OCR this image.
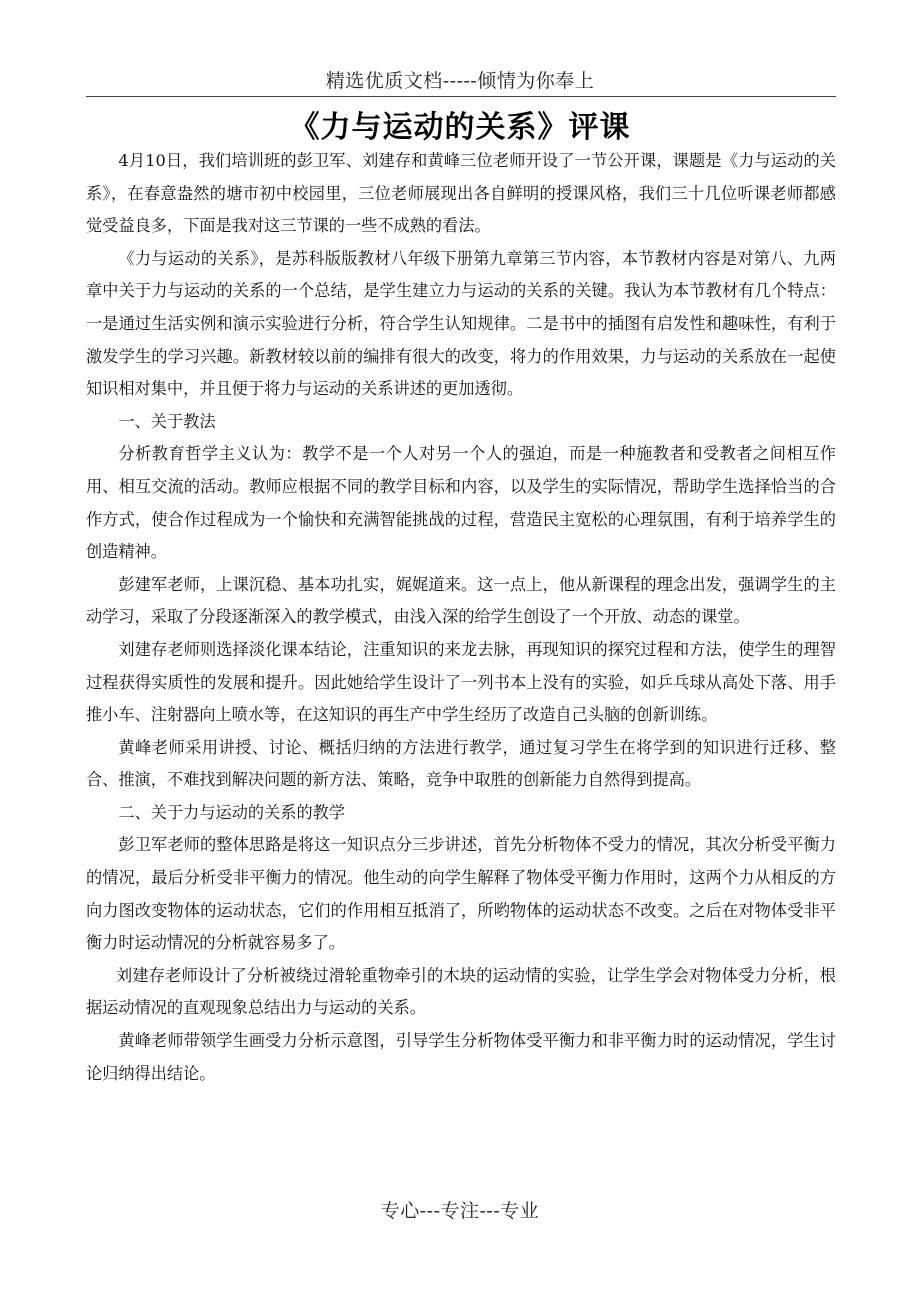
精选优质文档-----倾情为你奉上
《力与运动的关系》评课

4月10日，我们培训班的彭卫军、刘建存和黄峰三位老师开设了一节公开课，课题是《力与运动的关系》，在春意盎然的塘市初中校园里，三位老师展现出各自鲜明的授课风格，我们三十几位听课老师都感觉受益良多，下面是我对这三节课的一些不成熟的看法。

《力与运动的关系》，是苏科版版教材八年级下册第九章第三节内容，本节教材内容是对第八、九两章中关于力与运动的关系的一个总结，是学生建立力与运动的关系的关键。我认为本节教材有几个特点：一是通过生活实例和演示实验进行分析，符合学生认知规律。二是书中的插图有启发性和趣味性，有利于激发学生的学习兴趣。新教材较以前的编排有很大的改变，将力的作用效果，力与运动的关系放在一起使知识相对集中，并且便于将力与运动的关系讲述的更加透彻。

一、关于教法

分析教育哲学主义认为：教学不是一个人对另一个人的强迫，而是一种施教者和受教者之间相互作用、相互交流的活动。教师应根据不同的教学目标和内容，以及学生的实际情况，帮助学生选择恰当的合作方式，使合作过程成为一个愉快和充满智能挑战的过程，营造民主宽松的心理氛围，有利于培养学生的创造精神。

彭建军老师，上课沉稳、基本功扎实，娓娓道来。这一点上，他从新课程的理念出发，强调学生的主动学习，采取了分段逐渐深入的教学模式，由浅入深的给学生创设了一个开放、动态的课堂。

刘建存老师则选择淡化课本结论，注重知识的来龙去脉，再现知识的探究过程和方法，使学生的理智过程获得实质性的发展和提升。因此她给学生设计了一列书本上没有的实验，如乒乓球从高处下落、用手推小车、注射器向上喷水等，在这知识的再生产中学生经历了改造自己头脑的创新训练。

黄峰老师采用讲授、讨论、概括归纳的方法进行教学，通过复习学生在将学到的知识进行迁移、整合、推演，不难找到解决问题的新方法、策略，竞争中取胜的创新能力自然得到提高。

二、关于力与运动的关系的教学

彭卫军老师的整体思路是将这一知识点分三步讲述，首先分析物体不受力的情况，其次分析受平衡力的情况，最后分析受非平衡力的情况。他生动的向学生解释了物体受平衡力作用时，这两个力从相反的方向力图改变物体的运动状态，它们的作用相互抵消了，所哟物体的运动状态不改变。之后在对物体受非平衡力时运动情况的分析就容易多了。

刘建存老师设计了分析被绕过滑轮重物牵引的木块的运动情的实验，让学生学会对物体受力分析，根据运动情况的直观现象总结出力与运动的关系。

黄峰老师带领学生画受力分析示意图，引导学生分析物体受平衡力和非平衡力时的运动情况，学生讨论归纳得出结论。

专心---专注---专业
